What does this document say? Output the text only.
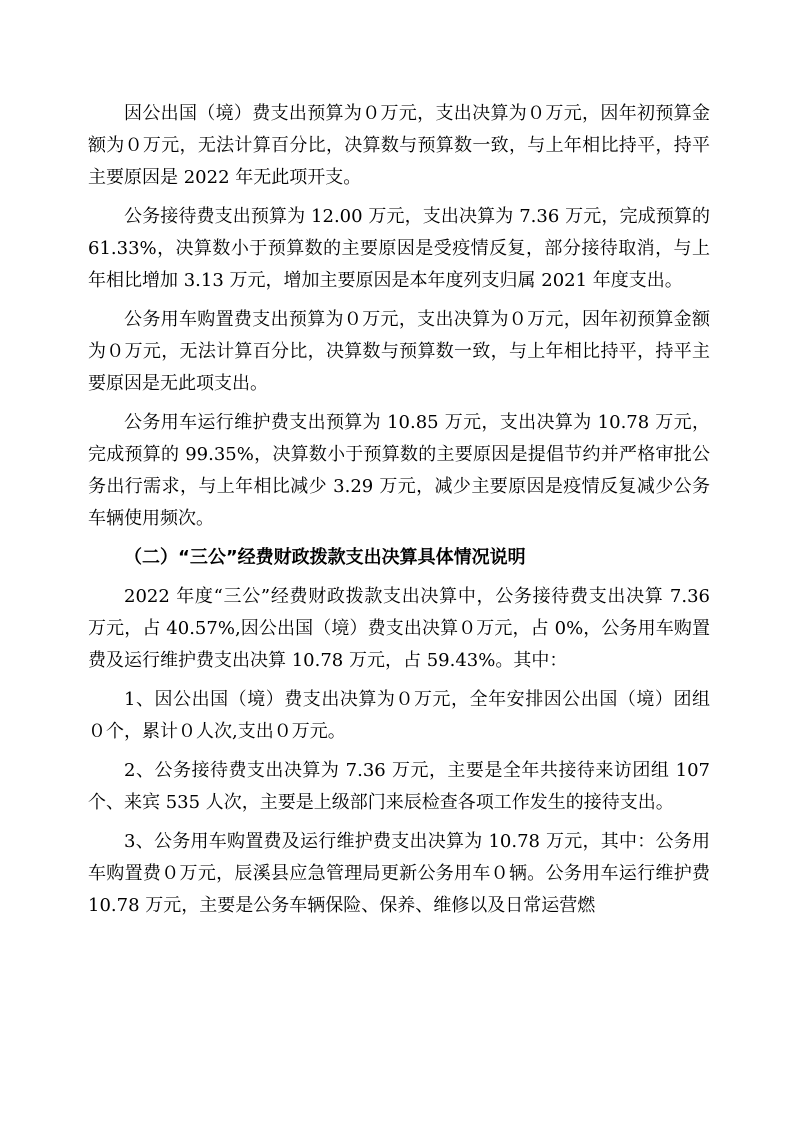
因公出国（境）费支出预算为０万元，支出决算为０万元，因年初预算金额为０万元，无法计算百分比，决算数与预算数一致，与上年相比持平，持平主要原因是 2022 年无此项开支。

公务接待费支出预算为 12.00 万元，支出决算为 7.36 万元，完成预算的 61.33%，决算数小于预算数的主要原因是受疫情反复，部分接待取消，与上年相比增加 3.13 万元，增加主要原因是本年度列支归属 2021 年度支出。

公务用车购置费支出预算为０万元，支出决算为０万元，因年初预算金额为０万元，无法计算百分比，决算数与预算数一致，与上年相比持平，持平主要原因是无此项支出。

公务用车运行维护费支出预算为 10.85 万元，支出决算为 10.78 万元，完成预算的 99.35%，决算数小于预算数的主要原因是提倡节约并严格审批公务出行需求，与上年相比减少 3.29 万元，减少主要原因是疫情反复减少公务车辆使用频次。

（二）“三公”经费财政拨款支出决算具体情况说明

2022 年度“三公”经费财政拨款支出决算中，公务接待费支出决算 7.36 万元，占 40.57%,因公出国（境）费支出决算０万元，占 0%，公务用车购置费及运行维护费支出决算 10.78 万元，占 59.43%。其中：

1、因公出国（境）费支出决算为０万元，全年安排因公出国（境）团组０个，累计０人次,支出０万元。

2、公务接待费支出决算为 7.36 万元，主要是全年共接待来访团组 107 个、来宾 535 人次，主要是上级部门来辰检查各项工作发生的接待支出。

3、公务用车购置费及运行维护费支出决算为 10.78 万元，其中：公务用车购置费０万元，辰溪县应急管理局更新公务用车０辆。公务用车运行维护费 10.78 万元，主要是公务车辆保险、保养、维修以及日常运营燃
